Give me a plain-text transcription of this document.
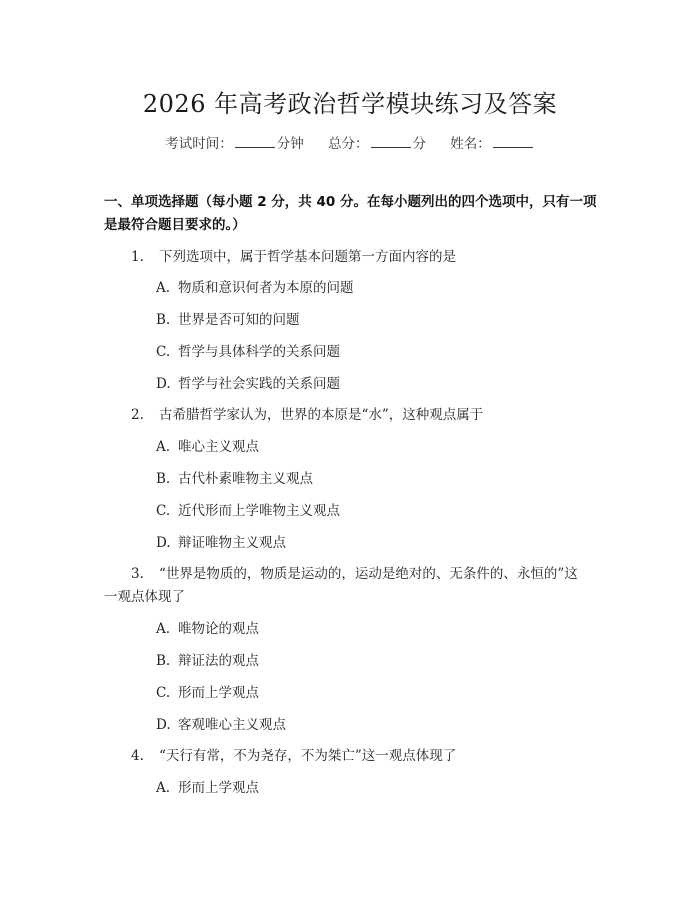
2026 年高考政治哲学模块练习及答案
考试时间：	分钟 总分：	分 姓名：
一、单项选择题（每小题 2 分，共 40 分。在每小题列出的四个选项中，只有一项是最符合题目要求的。）
1. 下列选项中，属于哲学基本问题第一方面内容的是
A. 物质和意识何者为本原的问题
B. 世界是否可知的问题
C. 哲学与具体科学的关系问题
D. 哲学与社会实践的关系问题
2. 古希腊哲学家认为，世界的本原是“水”，这种观点属于
A. 唯心主义观点
B. 古代朴素唯物主义观点
C. 近代形而上学唯物主义观点
D. 辩证唯物主义观点
3. “世界是物质的，物质是运动的，运动是绝对的、无条件的、永恒的”这
一观点体现了
A. 唯物论的观点
B. 辩证法的观点
C. 形而上学观点
D. 客观唯心主义观点
4. “天行有常，不为尧存，不为桀亡”这一观点体现了
A. 形而上学观点
